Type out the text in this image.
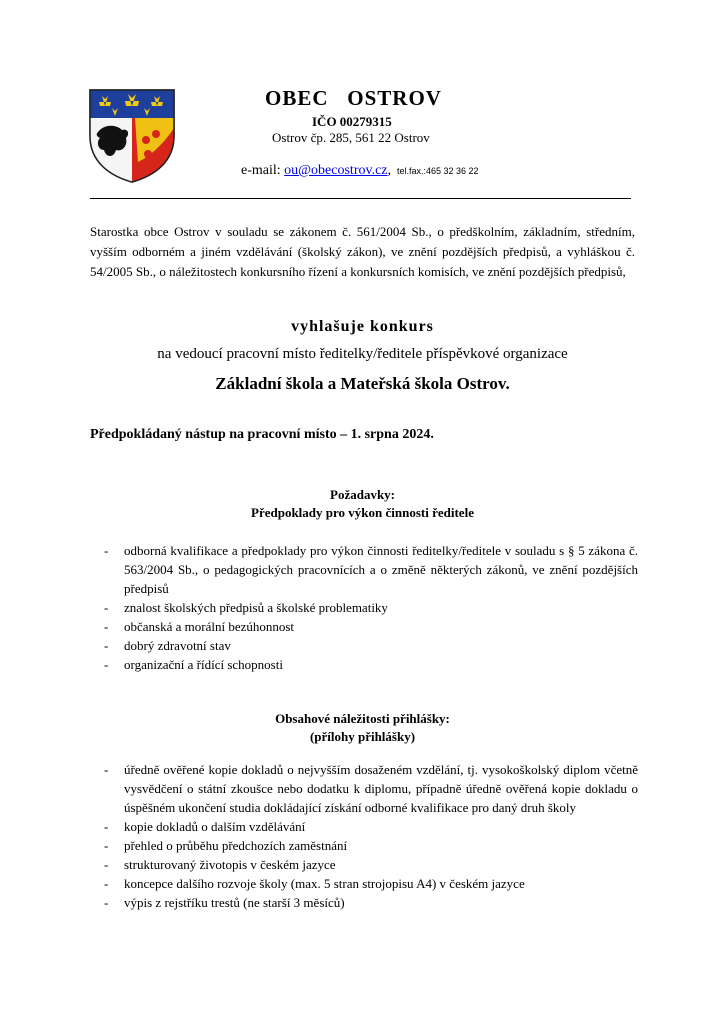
OBEC   OSTROV
IČO 00279315
Ostrov čp. 285, 561 22 Ostrov
e-mail: ou@obecostrov.cz, tel.fax.:465 32 36 22
Starostka obce Ostrov v souladu se zákonem č. 561/2004 Sb., o předškolním, základním, středním, vyšším odborném a jiném vzdělávání (školský zákon), ve znění pozdějších předpisů, a vyhláškou č. 54/2005 Sb., o náležitostech konkursního řízení a konkursních komisích, ve znění pozdějších předpisů,
vyhlašuje konkurs
na vedoucí pracovní místo ředitelky/ředitele příspěvkové organizace
Základní škola a Mateřská škola Ostrov.
Předpokládaný nástup na pracovní místo – 1. srpna 2024.
Požadavky:
Předpoklady pro výkon činnosti ředitele
- odborná kvalifikace a předpoklady pro výkon činnosti ředitelky/ředitele v souladu s § 5 zákona č. 563/2004 Sb., o pedagogických pracovnících a o změně některých zákonů, ve znění pozdějších předpisů
- znalost školských předpisů a školské problematiky
- občanská a morální bezúhonnost
- dobrý zdravotní stav
- organizační a řídící schopnosti
Obsahové náležitosti přihlášky:
(přílohy přihlášky)
- úředně ověřené kopie dokladů o nejvyšším dosaženém vzdělání, tj. vysokoškolský diplom včetně vysvědčení o státní zkoušce nebo dodatku k diplomu, případně úředně ověřená kopie dokladu o úspěšném ukončení studia dokládající získání odborné kvalifikace pro daný druh školy
- kopie dokladů o dalším vzdělávání
- přehled o průběhu předchozích zaměstnání
- strukturovaný životopis v českém jazyce
- koncepce dalšího rozvoje školy (max. 5 stran strojopisu A4) v českém jazyce
- výpis z rejstříku trestů (ne starší 3 měsíců)
